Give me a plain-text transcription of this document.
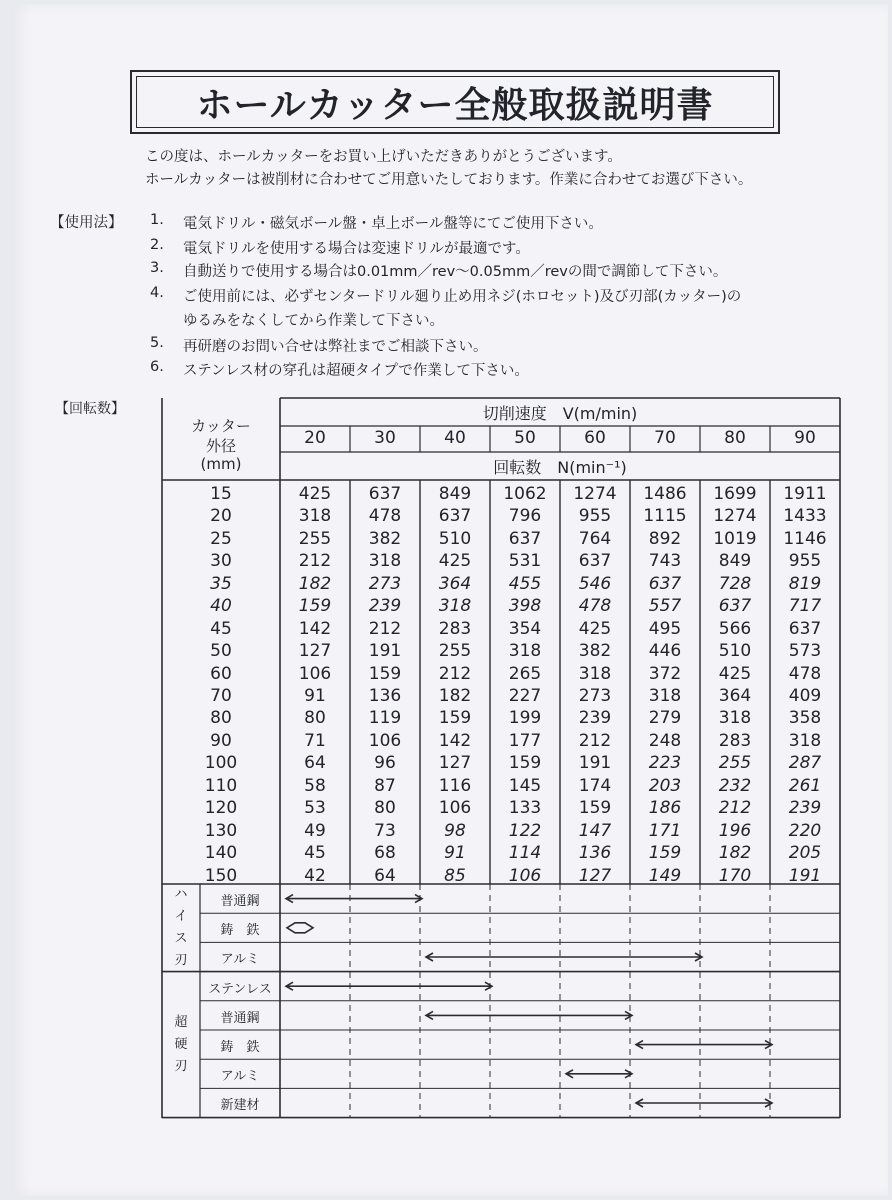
ホールカッター全般取扱説明書
この度は、ホールカッターをお買い上げいただきありがとうございます。
ホールカッターは被削材に合わせてご用意いたしております。作業に合わせてお選び下さい。
【使用法】 1. 電気ドリル・磁気ボール盤・卓上ボール盤等にてご使用下さい。
2. 電気ドリルを使用する場合は変速ドリルが最適です。
3. 自動送りで使用する場合は0.01mm／rev～0.05mm／revの間で調節して下さい。
4. ご使用前には、必ずセンタードリル廻り止め用ネジ(ホロセット)及び刃部(カッター)の
ゆるみをなくしてから作業して下さい。
5. 再研磨のお問い合せは弊社までご相談下さい。
6. ステンレス材の穿孔は超硬タイプで作業して下さい。
【回転数】
カッター
外径
(mm)
切削速度　V(m/min)
20	30	40	50	60	70	80	90
回転数　N(min⁻¹)
15	425	637	849	1062	1274	1486	1699	1911
20	318	478	637	796	955	1115	1274	1433
25	255	382	510	637	764	892	1019	1146
30	212	318	425	531	637	743	849	955
35	182	273	364	455	546	637	728	819
40	159	239	318	398	478	557	637	717
45	142	212	283	354	425	495	566	637
50	127	191	255	318	382	446	510	573
60	106	159	212	265	318	372	425	478
70	91	136	182	227	273	318	364	409
80	80	119	159	199	239	279	318	358
90	71	106	142	177	212	248	283	318
100	64	96	127	159	191	223	255	287
110	58	87	116	145	174	203	232	261
120	53	80	106	133	159	186	212	239
130	49	73	98	122	147	171	196	220
140	45	68	91	114	136	159	182	205
150	42	64	85	106	127	149	170	191
ハ
イ
ス
刃
普通鋼
鋳　鉄
アルミ
超
硬
刃
ステンレス
普通鋼
鋳　鉄
アルミ
新建材
